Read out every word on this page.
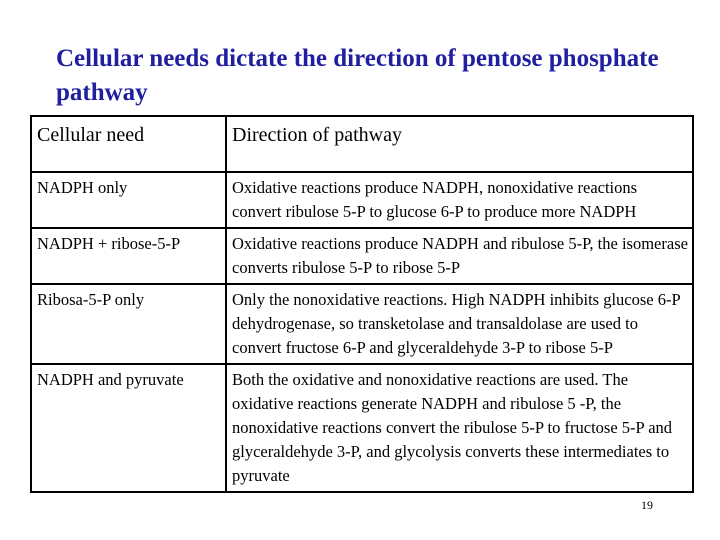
Cellular needs dictate the direction of pentose phosphate pathway
Cellular need	Direction of pathway
NADPH only	Oxidative reactions produce NADPH, nonoxidative reactions convert ribulose 5-P to glucose 6-P to produce more NADPH
NADPH + ribose-5-P	Oxidative reactions produce NADPH and ribulose 5-P, the isomerase converts ribulose 5-P to ribose 5-P
Ribosa-5-P only	Only the nonoxidative reactions. High NADPH inhibits glucose 6-P dehydrogenase, so transketolase and transaldolase are used to convert fructose 6-P and glyceraldehyde 3-P to ribose 5-P
NADPH and pyruvate	Both the oxidative and nonoxidative reactions are used. The oxidative reactions generate NADPH and ribulose 5 -P, the nonoxidative reactions convert the ribulose 5-P to fructose 5-P and glyceraldehyde 3-P, and glycolysis converts these intermediates to pyruvate
19
